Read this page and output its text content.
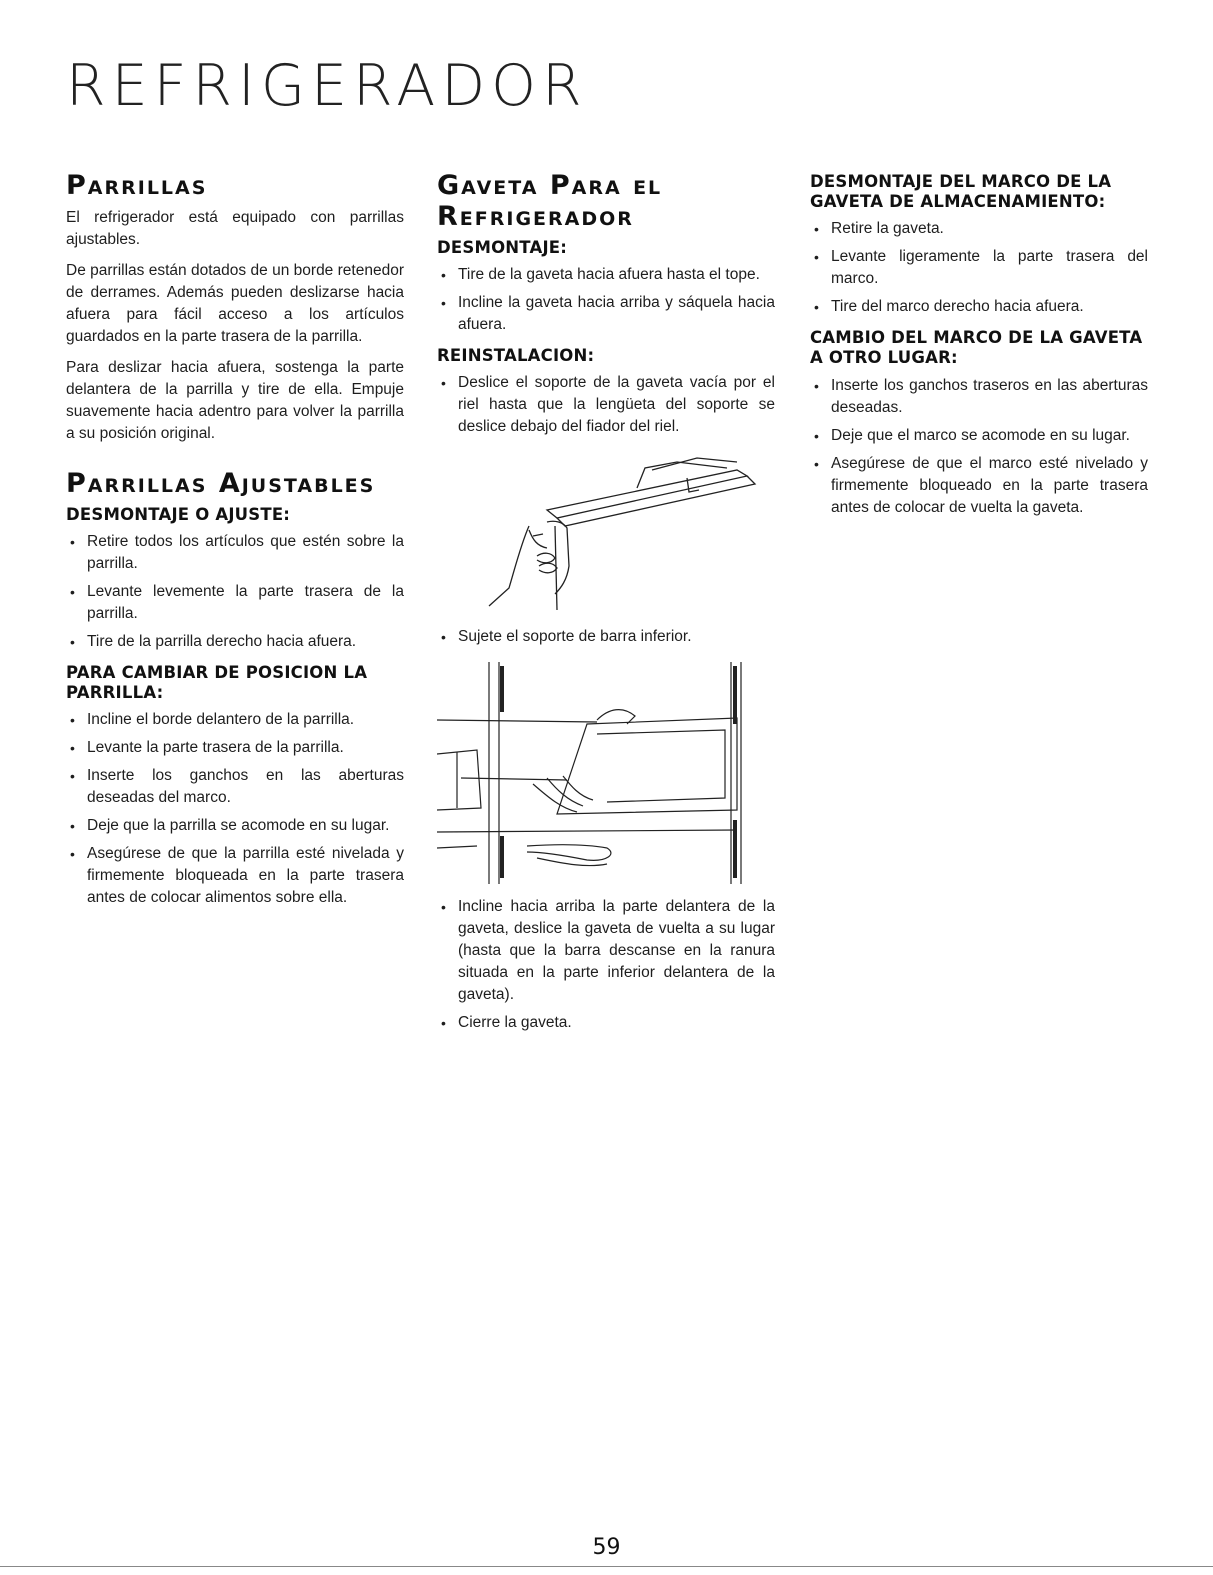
REFRIGERADOR
Parrillas

El refrigerador está equipado con parrillas ajustables.

De parrillas están dotados de un borde retenedor de derrames. Además pueden deslizarse hacia afuera para fácil acceso a los artículos guardados en la parte trasera de la parrilla.

Para deslizar hacia afuera, sostenga la parte delantera de la parrilla y tire de ella. Empuje suavemente hacia adentro para volver la parrilla a su posición original.

Parrillas Ajustables
DESMONTAJE O AJUSTE:
• Retire todos los artículos que estén sobre la parrilla.
• Levante levemente la parte trasera de la parrilla.
• Tire de la parrilla derecho hacia afuera.
PARA CAMBIAR DE POSICION LA PARRILLA:
• Incline el borde delantero de la parrilla.
• Levante la parte trasera de la parrilla.
• Inserte los ganchos en las aberturas deseadas del marco.
• Deje que la parrilla se acomode en su lugar.
• Asegúrese de que la parrilla esté nivelada y firmemente bloqueada en la parte trasera antes de colocar alimentos sobre ella.
Gaveta Para el Refrigerador
DESMONTAJE:
• Tire de la gaveta hacia afuera hasta el tope.
• Incline la gaveta hacia arriba y sáquela hacia afuera.
REINSTALACION:
• Deslice el soporte de la gaveta vacía por el riel hasta que la lengüeta del soporte se deslice debajo del fiador del riel.
• Sujete el soporte de barra inferior.
• Incline hacia arriba la parte delantera de la gaveta, deslice la gaveta de vuelta a su lugar (hasta que la barra descanse en la ranura situada en la parte inferior delantera de la gaveta).
• Cierre la gaveta.
DESMONTAJE DEL MARCO DE LA GAVETA DE ALMACENAMIENTO:
• Retire la gaveta.
• Levante ligeramente la parte trasera del marco.
• Tire del marco derecho hacia afuera.
CAMBIO DEL MARCO DE LA GAVETA A OTRO LUGAR:
• Inserte los ganchos traseros en las aberturas deseadas.
• Deje que el marco se acomode en su lugar.
• Asegúrese de que el marco esté nivelado y firmemente bloqueado en la parte trasera antes de colocar de vuelta la gaveta.
59
